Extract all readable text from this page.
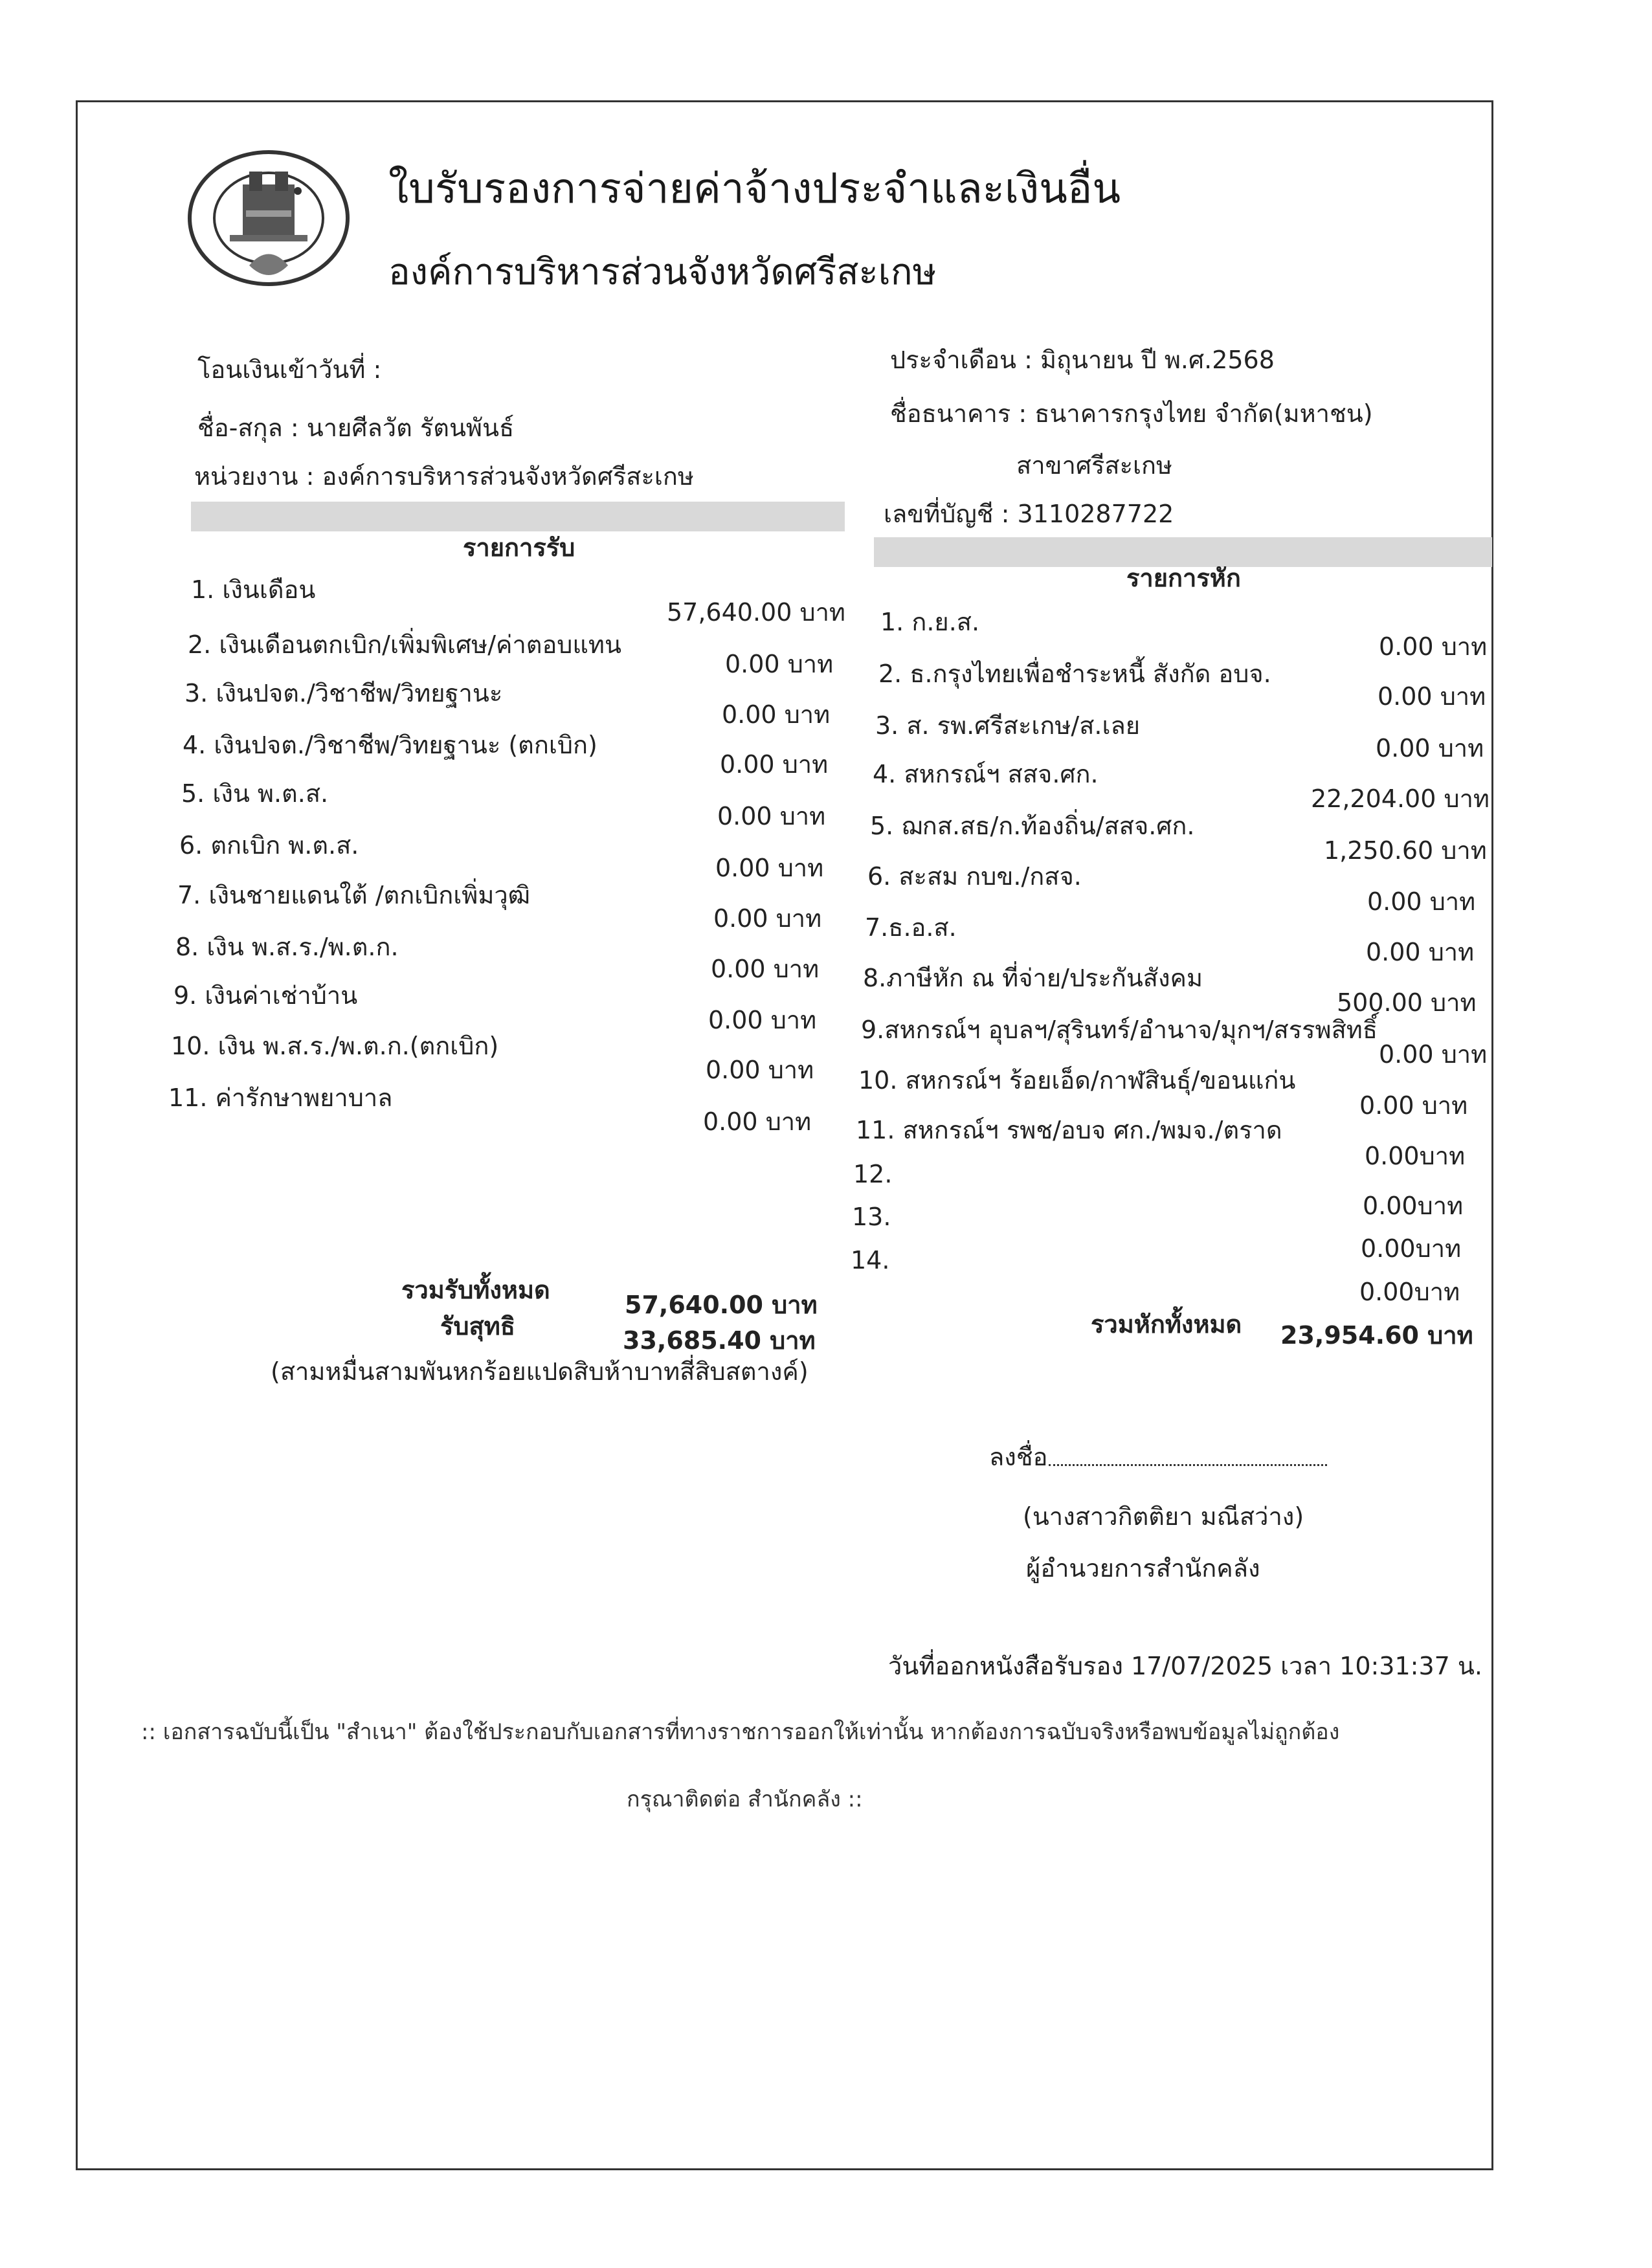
ใบรับรองการจ่ายค่าจ้างประจำและเงินอื่น
องค์การบริหารส่วนจังหวัดศรีสะเกษ
โอนเงินเข้าวันที่ :
ชื่อ-สกุล : นายศีลวัต รัตนพันธ์
หน่วยงาน : องค์การบริหารส่วนจังหวัดศรีสะเกษ
ประจำเดือน : มิถุนายน ปี พ.ศ.2568
ชื่อธนาคาร : ธนาคารกรุงไทย จำกัด(มหาชน)
สาขาศรีสะเกษ
เลขที่บัญชี : 3110287722
รายการรับ
รายการหัก
1. เงินเดือน
57,640.00 บาท
2. เงินเดือนตกเบิก/เพิ่มพิเศษ/ค่าตอบแทน
0.00 บาท
3. เงินปจต./วิชาชีพ/วิทยฐานะ
0.00 บาท
4. เงินปจต./วิชาชีพ/วิทยฐานะ (ตกเบิก)
0.00 บาท
5. เงิน พ.ต.ส.
0.00 บาท
6. ตกเบิก พ.ต.ส.
0.00 บาท
7. เงินชายแดนใต้ /ตกเบิกเพิ่มวุฒิ
0.00 บาท
8. เงิน พ.ส.ร./พ.ต.ก.
0.00 บาท
9. เงินค่าเช่าบ้าน
0.00 บาท
10. เงิน พ.ส.ร./พ.ต.ก.(ตกเบิก)
0.00 บาท
11. ค่ารักษาพยาบาล
0.00 บาท
1. ก.ย.ส.
0.00 บาท
2. ธ.กรุงไทยเพื่อชำระหนี้ สังกัด อบจ.
0.00 บาท
3. ส. รพ.ศรีสะเกษ/ส.เลย
0.00 บาท
4. สหกรณ์ฯ สสจ.ศก.
22,204.00 บาท
5. ฌกส.สธ/ก.ท้องถิ่น/สสจ.ศก.
1,250.60 บาท
6. สะสม กบข./กสจ.
0.00 บาท
7.ธ.อ.ส.
0.00 บาท
8.ภาษีหัก ณ ที่จ่าย/ประกันสังคม
500.00 บาท
9.สหกรณ์ฯ อุบลฯ/สุรินทร์/อำนาจ/มุกฯ/สรรพสิทธิ์
0.00 บาท
10. สหกรณ์ฯ ร้อยเอ็ด/กาฬสินธุ์/ขอนแก่น
0.00 บาท
11. สหกรณ์ฯ รพช/อบจ ศก./พมจ./ตราด
0.00บาท
12.
0.00บาท
13.
0.00บาท
14.
0.00บาท
รวมรับทั้งหมด
57,640.00 บาท
รับสุทธิ	33,685.40 บาท
(สามหมื่นสามพันหกร้อยแปดสิบห้าบาทสี่สิบสตางค์)
รวมหักทั้งหมด 23,954.60 บาท
ลงชื่อ
(นางสาวกิตติยา มณีสว่าง)
ผู้อำนวยการสำนักคลัง
วันที่ออกหนังสือรับรอง 17/07/2025 เวลา 10:31:37 น.
:: เอกสารฉบับนี้เป็น "สำเนา" ต้องใช้ประกอบกับเอกสารที่ทางราชการออกให้เท่านั้น หากต้องการฉบับจริงหรือพบข้อมูลไม่ถูกต้อง
กรุณาติดต่อ สำนักคลัง ::
